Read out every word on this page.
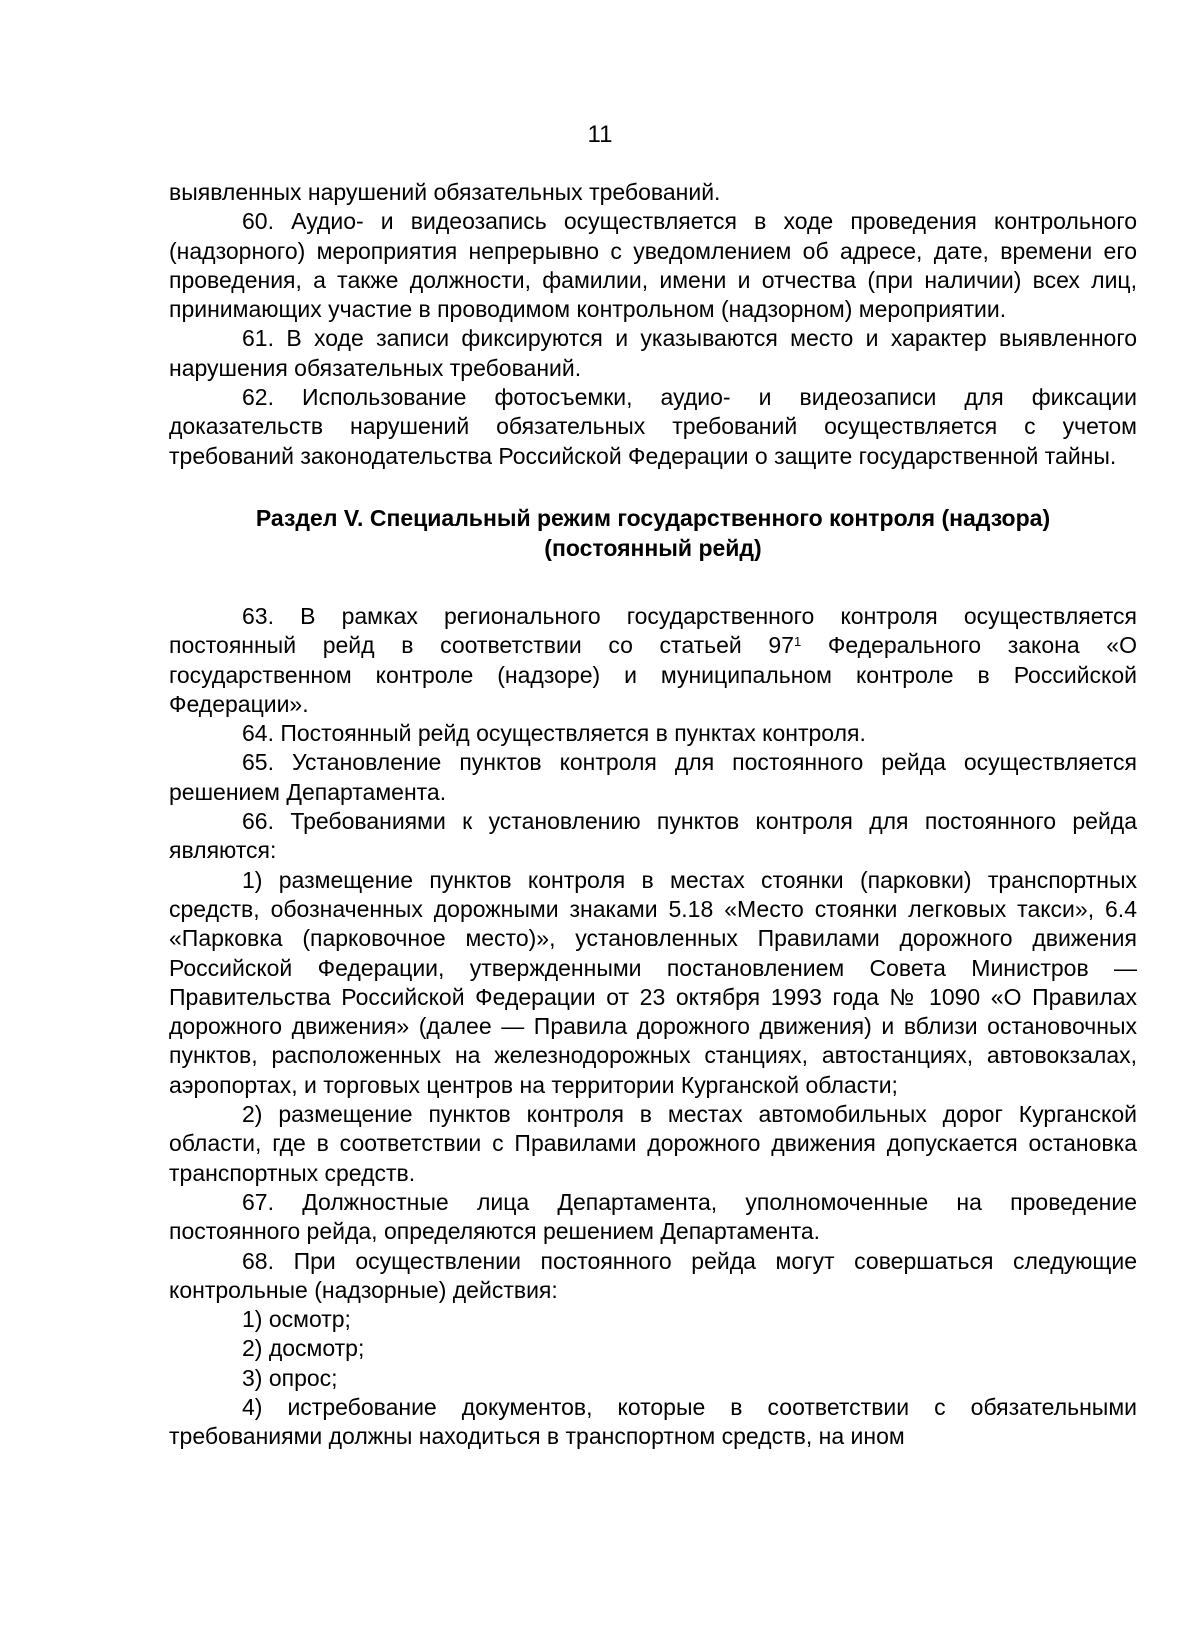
11

выявленных нарушений обязательных требований.

60. Аудио- и видеозапись осуществляется в ходе проведения контрольного (надзорного) мероприятия непрерывно с уведомлением об адресе, дате, времени его проведения, а также должности, фамилии, имени и отчества (при наличии) всех лиц, принимающих участие в проводимом контрольном (надзорном) мероприятии.

61. В ходе записи фиксируются и указываются место и характер выявленного нарушения обязательных требований.

62. Использование фотосъемки, аудио- и видеозаписи для фиксации доказательств нарушений обязательных требований осуществляется с учетом требований законодательства Российской Федерации о защите государственной тайны.

Раздел V. Специальный режим государственного контроля (надзора)
(постоянный рейд)

63. В рамках регионального государственного контроля осуществляется постоянный рейд в соответствии со статьей $97^1$ Федерального закона «О государственном контроле (надзоре) и муниципальном контроле в Российской Федерации».

64. Постоянный рейд осуществляется в пунктах контроля.

65. Установление пунктов контроля для постоянного рейда осуществляется решением Департамента.

66. Требованиями к установлению пунктов контроля для постоянного рейда являются:

1) размещение пунктов контроля в местах стоянки (парковки) транспортных средств, обозначенных дорожными знаками 5.18 «Место стоянки легковых такси», 6.4 «Парковка (парковочное место)», установленных Правилами дорожного движения Российской Федерации, утвержденными постановлением Совета Министров — Правительства Российской Федерации от 23 октября 1993 года № 1090 «О Правилах дорожного движения» (далее — Правила дорожного движения) и вблизи остановочных пунктов, расположенных на железнодорожных станциях, автостанциях, автовокзалах, аэропортах, и торговых центров на территории Курганской области;

2) размещение пунктов контроля в местах автомобильных дорог Курганской области, где в соответствии с Правилами дорожного движения допускается остановка транспортных средств.

67. Должностные лица Департамента, уполномоченные на проведение постоянного рейда, определяются решением Департамента.

68. При осуществлении постоянного рейда могут совершаться следующие контрольные (надзорные) действия:

1) осмотр;

2) досмотр;

3) опрос;

4) истребование документов, которые в соответствии с обязательными требованиями должны находиться в транспортном средств, на ином
